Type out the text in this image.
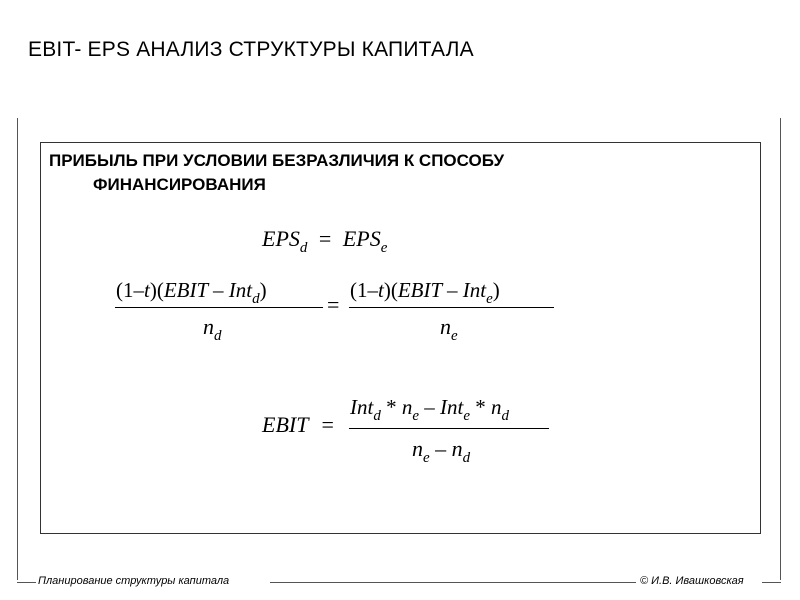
EBIT- EPS АНАЛИЗ СТРУКТУРЫ КАПИТАЛА
ПРИБЫЛЬ ПРИ УСЛОВИИ БЕЗРАЗЛИЧИЯ К СПОСОБУ
ФИНАНСИРОВАНИЯ
$EPS_d = EPS_e$
(1–t)(EBIT – Int$_d$)
$n_d$
=
(1–t)(EBIT – Int$_e$)
$n_e$
EBIT =
$Int_d * n_e - Int_e * n_d$
$n_e - n_d$
Планирование структуры капитала	© И.В. Ивашковская
